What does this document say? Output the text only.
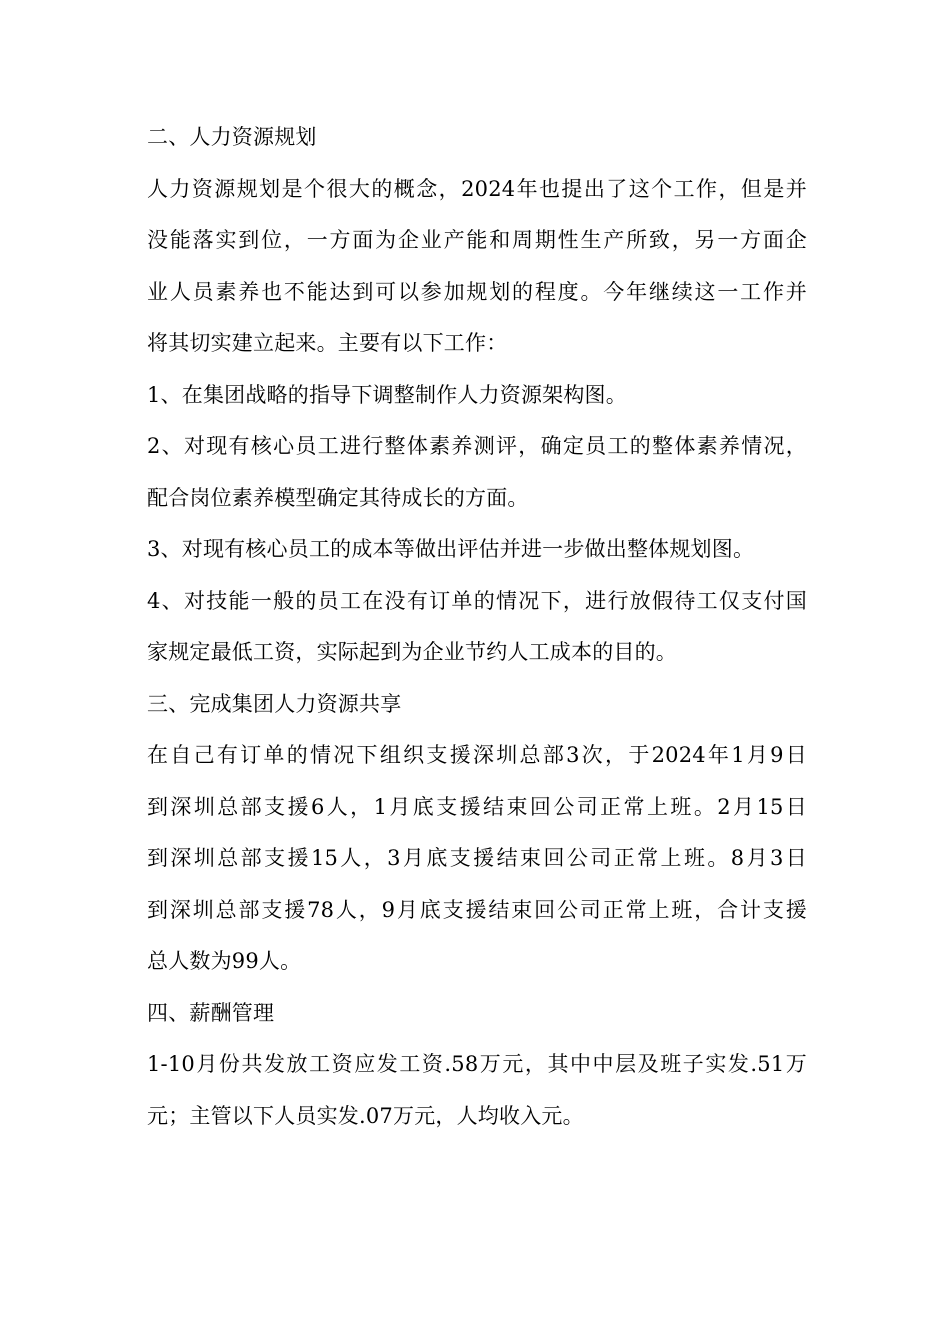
二、人力资源规划
人力资源规划是个很大的概念，2024年也提出了这个工作，但是并
没能落实到位，一方面为企业产能和周期性生产所致，另一方面企
业人员素养也不能达到可以参加规划的程度。今年继续这一工作并
将其切实建立起来。主要有以下工作：
1、在集团战略的指导下调整制作人力资源架构图。
2、对现有核心员工进行整体素养测评，确定员工的整体素养情况，
配合岗位素养模型确定其待成长的方面。
3、对现有核心员工的成本等做出评估并进一步做出整体规划图。
4、对技能一般的员工在没有订单的情况下，进行放假待工仅支付国
家规定最低工资，实际起到为企业节约人工成本的目的。
三、完成集团人力资源共享
在自己有订单的情况下组织支援深圳总部3次，于2024年1月9日
到深圳总部支援6人，1月底支援结束回公司正常上班。2月15日
到深圳总部支援15人，3月底支援结束回公司正常上班。8月3日
到深圳总部支援78人，9月底支援结束回公司正常上班，合计支援
总人数为99人。
四、薪酬管理
1-10月份共发放工资应发工资.58万元，其中中层及班子实发.51万
元；主管以下人员实发.07万元，人均收入元。
